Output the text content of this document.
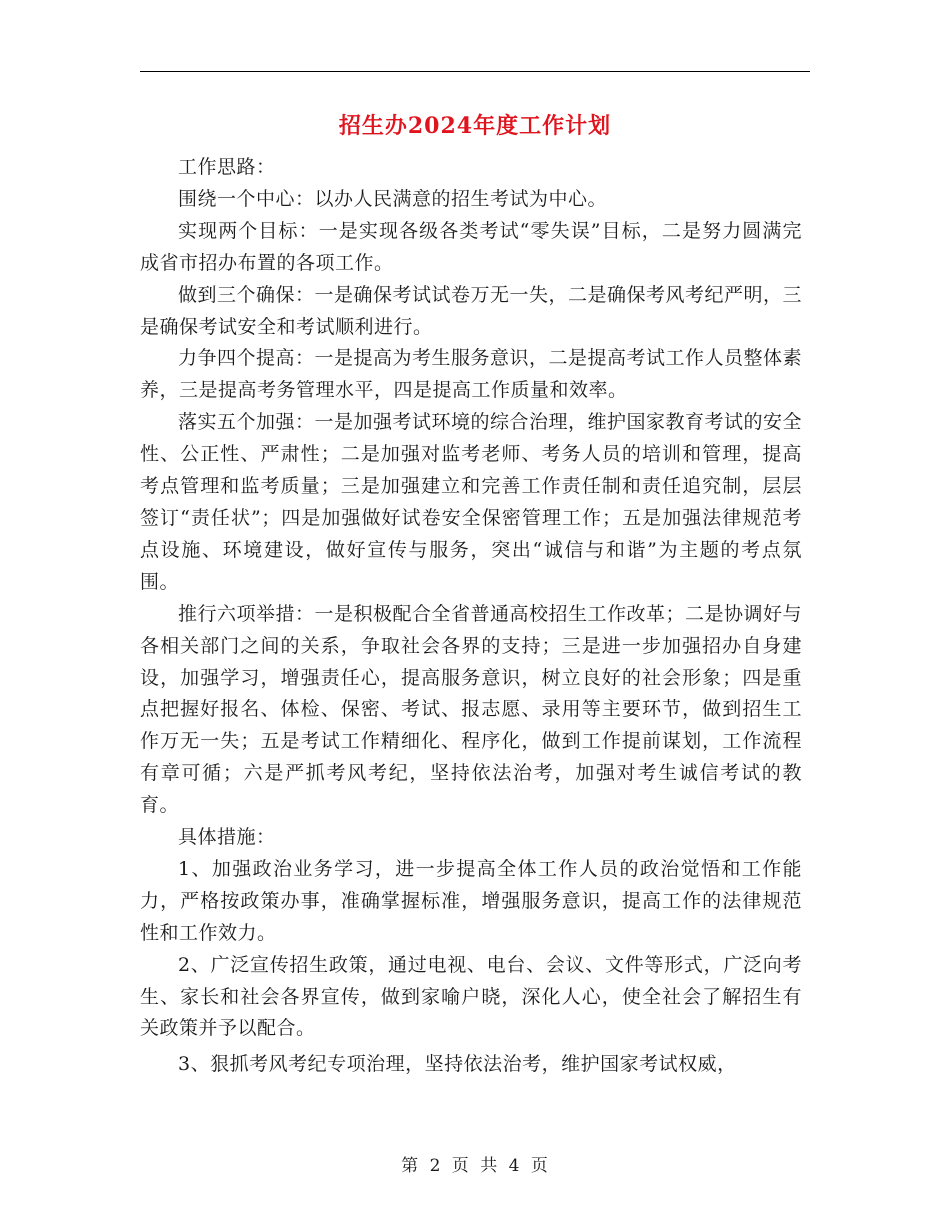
招生办2024年度工作计划

工作思路：

围绕一个中心：以办人民满意的招生考试为中心。

实现两个目标：一是实现各级各类考试“零失误”目标，二是努力圆满完成省市招办布置的各项工作。

做到三个确保：一是确保考试试卷万无一失，二是确保考风考纪严明，三是确保考试安全和考试顺利进行。

力争四个提高：一是提高为考生服务意识，二是提高考试工作人员整体素养，三是提高考务管理水平，四是提高工作质量和效率。

落实五个加强：一是加强考试环境的综合治理，维护国家教育考试的安全性、公正性、严肃性；二是加强对监考老师、考务人员的培训和管理，提高考点管理和监考质量；三是加强建立和完善工作责任制和责任追究制，层层签订“责任状”；四是加强做好试卷安全保密管理工作；五是加强法律规范考点设施、环境建设，做好宣传与服务，突出“诚信与和谐”为主题的考点氛围。

推行六项举措：一是积极配合全省普通高校招生工作改革；二是协调好与各相关部门之间的关系，争取社会各界的支持；三是进一步加强招办自身建设，加强学习，增强责任心，提高服务意识，树立良好的社会形象；四是重点把握好报名、体检、保密、考试、报志愿、录用等主要环节，做到招生工作万无一失；五是考试工作精细化、程序化，做到工作提前谋划，工作流程有章可循；六是严抓考风考纪，坚持依法治考，加强对考生诚信考试的教育。

具体措施：

1、加强政治业务学习，进一步提高全体工作人员的政治觉悟和工作能力，严格按政策办事，准确掌握标准，增强服务意识，提高工作的法律规范性和工作效力。

2、广泛宣传招生政策，通过电视、电台、会议、文件等形式，广泛向考生、家长和社会各界宣传，做到家喻户晓，深化人心，使全社会了解招生有关政策并予以配合。

3、狠抓考风考纪专项治理，坚持依法治考，维护国家考试权威，

第 2 页 共 4 页
